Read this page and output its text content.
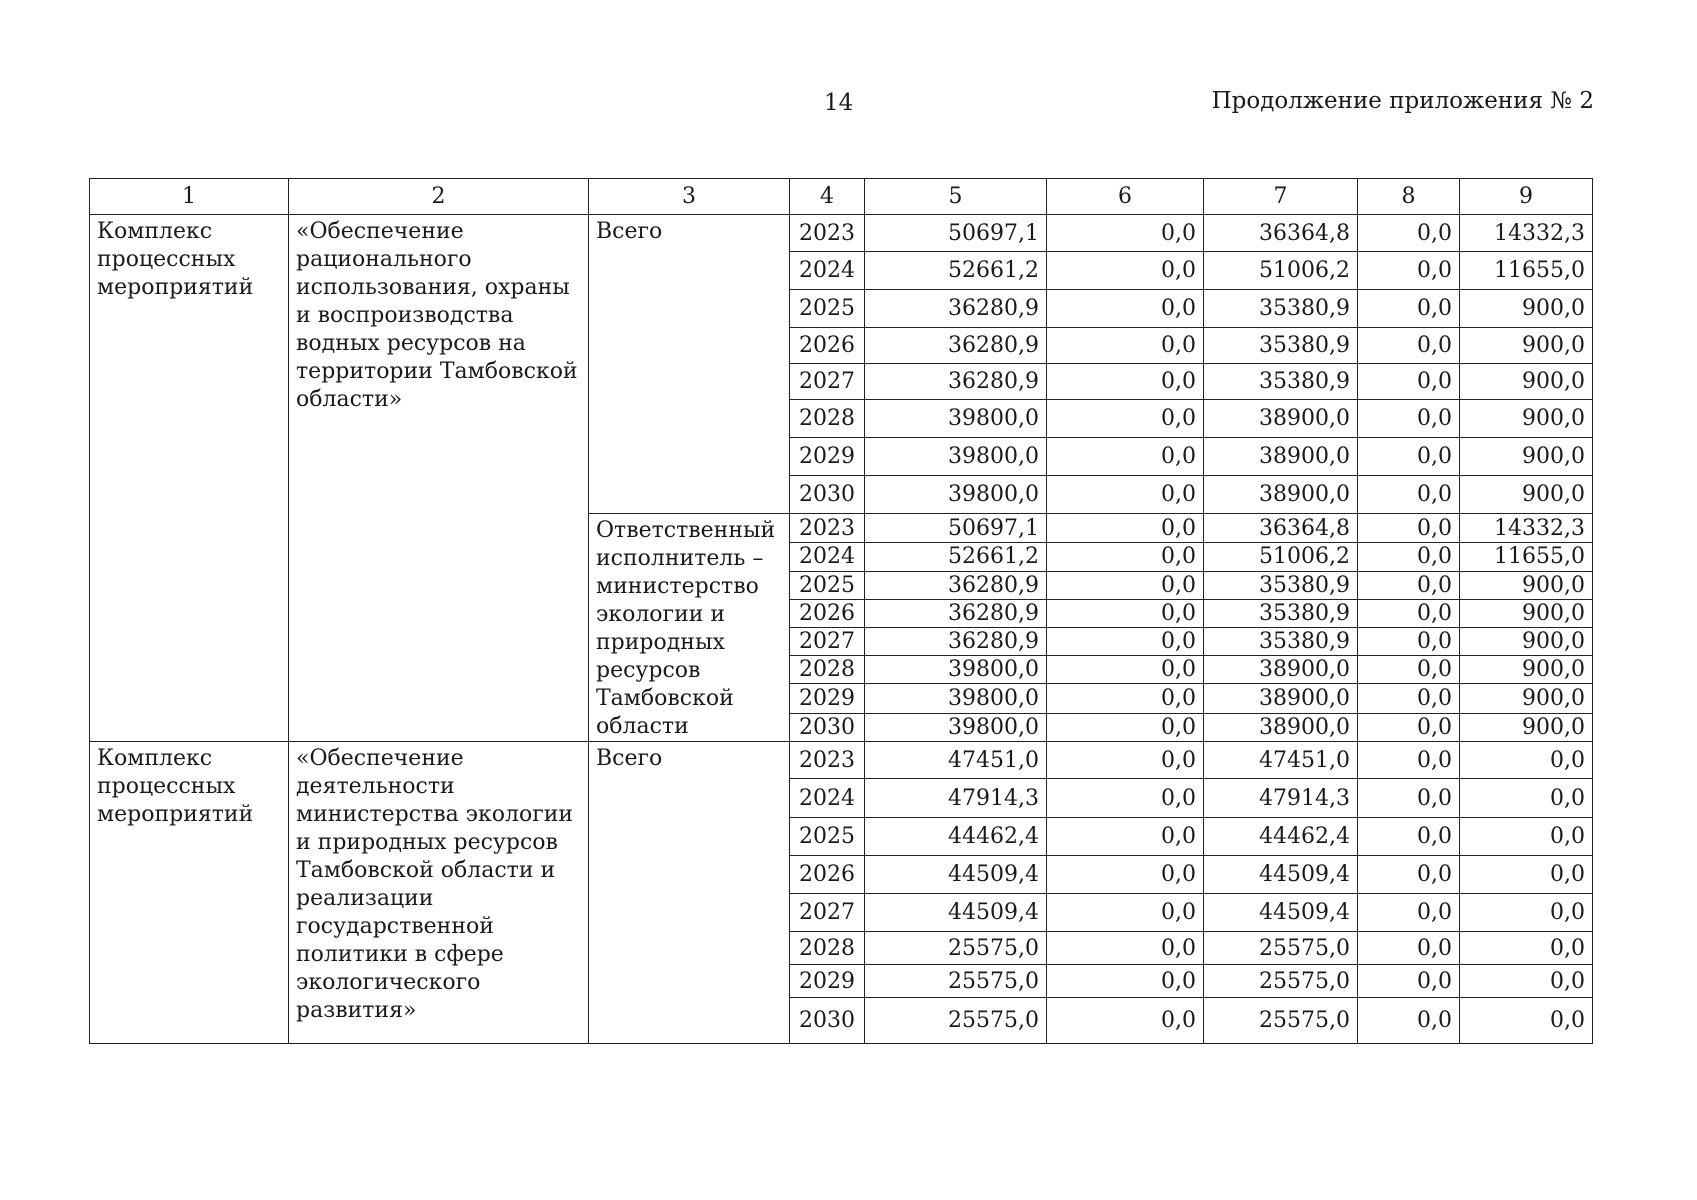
14	Продолжение приложения № 2
1	2	3	4	5	6	7	8	9
Комплекс процессных мероприятий	«Обеспечение рационального использования, охраны и воспроизводства водных ресурсов на территории Тамбовской области»	Всего	2023	50697,1	0,0	36364,8	0,0	14332,3
			2024	52661,2	0,0	51006,2	0,0	11655,0
			2025	36280,9	0,0	35380,9	0,0	900,0
			2026	36280,9	0,0	35380,9	0,0	900,0
			2027	36280,9	0,0	35380,9	0,0	900,0
			2028	39800,0	0,0	38900,0	0,0	900,0
			2029	39800,0	0,0	38900,0	0,0	900,0
			2030	39800,0	0,0	38900,0	0,0	900,0
		Ответственный исполнитель – министерство экологии и природных ресурсов Тамбовской области	2023	50697,1	0,0	36364,8	0,0	14332,3
			2024	52661,2	0,0	51006,2	0,0	11655,0
			2025	36280,9	0,0	35380,9	0,0	900,0
			2026	36280,9	0,0	35380,9	0,0	900,0
			2027	36280,9	0,0	35380,9	0,0	900,0
			2028	39800,0	0,0	38900,0	0,0	900,0
			2029	39800,0	0,0	38900,0	0,0	900,0
			2030	39800,0	0,0	38900,0	0,0	900,0
Комплекс процессных мероприятий	«Обеспечение деятельности министерства экологии и природных ресурсов Тамбовской области и реализации государственной политики в сфере экологического развития»	Всего	2023	47451,0	0,0	47451,0	0,0	0,0
			2024	47914,3	0,0	47914,3	0,0	0,0
			2025	44462,4	0,0	44462,4	0,0	0,0
			2026	44509,4	0,0	44509,4	0,0	0,0
			2027	44509,4	0,0	44509,4	0,0	0,0
			2028	25575,0	0,0	25575,0	0,0	0,0
			2029	25575,0	0,0	25575,0	0,0	0,0
			2030	25575,0	0,0	25575,0	0,0	0,0
